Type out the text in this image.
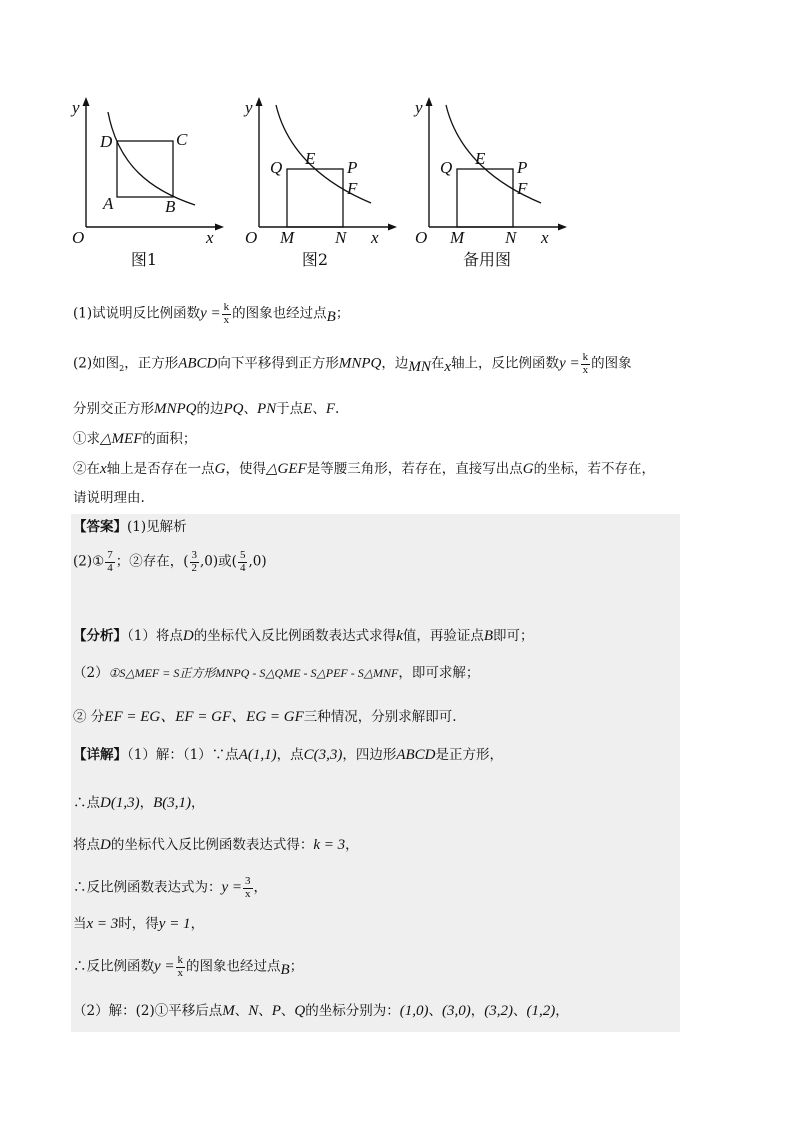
y
O	x
D	C
A	B
图1
y
O	x
Q E P
F
M N
图2
y
O	x
Q E P
F
M N
备用图
(1)试说明反比例函数$y = \frac{k}{x}$ 的图象也经过点$_B$；
(2)如图$_2$，正方形ABCD向下平移得到正方形MNPQ，边$_{MN}$在$_x$轴上，反比例函数$y = \frac{k}{x}$ 的图象
分别交正方形MNPQ的边PQ、PN于点E、F.
①求△MEF的面积；
②在x轴上是否存在一点G，使得△GEF是等腰三角形，若存在，直接写出点G的坐标，若不存在，
请说明理由.
【答案】(1)见解析
(2)① $\frac{7}{4}$ ；②存在，( $\frac{3}{2} ,0$)或( $\frac{5}{4} ,0$)
【分析】（1）将点D的坐标代入反比例函数表达式求得k值，再验证点B即可；
（2）①S△MEF = S正方形MNPQ - S△QME - S△PEF - S△MNF，即可求解；
② 分EF = EG、EF = GF、EG = GF三种情况，分别求解即可.
【详解】（1）解：（1）∵点A(1,1)，点C(3,3)，四边形ABCD是正方形，
∴点D(1,3)，B(3,1)，
将点D的坐标代入反比例函数表达式得：k = 3，
∴反比例函数表达式为：$y = \frac{3}{x}$ ，
当x = 3时，得y = 1，
∴反比例函数$y = \frac{k}{x}$ 的图象也经过点$_B$；
（2）解：(2)①平移后点M、N、P、Q的坐标分别为：(1,0)、(3,0)，(3,2)、(1,2)，
